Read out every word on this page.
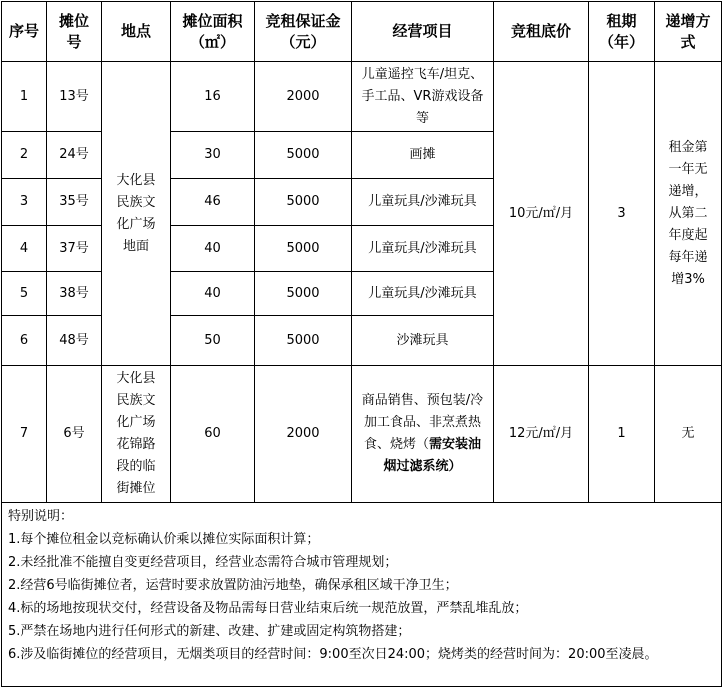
序号	摊位号	地点	摊位面积（㎡）	竞租保证金（元）	经营项目	竞租底价	租期（年）	递增方式
1	13号	大化县民族文化广场地面	16	2000	儿童遥控飞车/坦克、手工品、VR游戏设备等	10元/㎡/月	3	租金第一年无递增，从第二年度起每年递增3%
2	24号		30	5000	画摊			
3	35号		46	5000	儿童玩具/沙滩玩具			
4	37号		40	5000	儿童玩具/沙滩玩具			
5	38号		40	5000	儿童玩具/沙滩玩具			
6	48号		50	5000	沙滩玩具			
7	6号	大化县民族文化广场花锦路段的临街摊位	60	2000	商品销售、预包装/冷加工食品、非烹煮热食、烧烤（需安装油烟过滤系统）	12元/㎡/月	1	无

特别说明：
1.每个摊位租金以竞标确认价乘以摊位实际面积计算；
2.未经批准不能擅自变更经营项目，经营业态需符合城市管理规划；
2.经营6号临街摊位者，运营时要求放置防油污地垫，确保承租区域干净卫生；
4.标的场地按现状交付，经营设备及物品需每日营业结束后统一规范放置，严禁乱堆乱放；
5.严禁在场地内进行任何形式的新建、改建、扩建或固定构筑物搭建；
6.涉及临街摊位的经营项目，无烟类项目的经营时间：9:00至次日24:00；烧烤类的经营时间为：20:00至凌晨。
